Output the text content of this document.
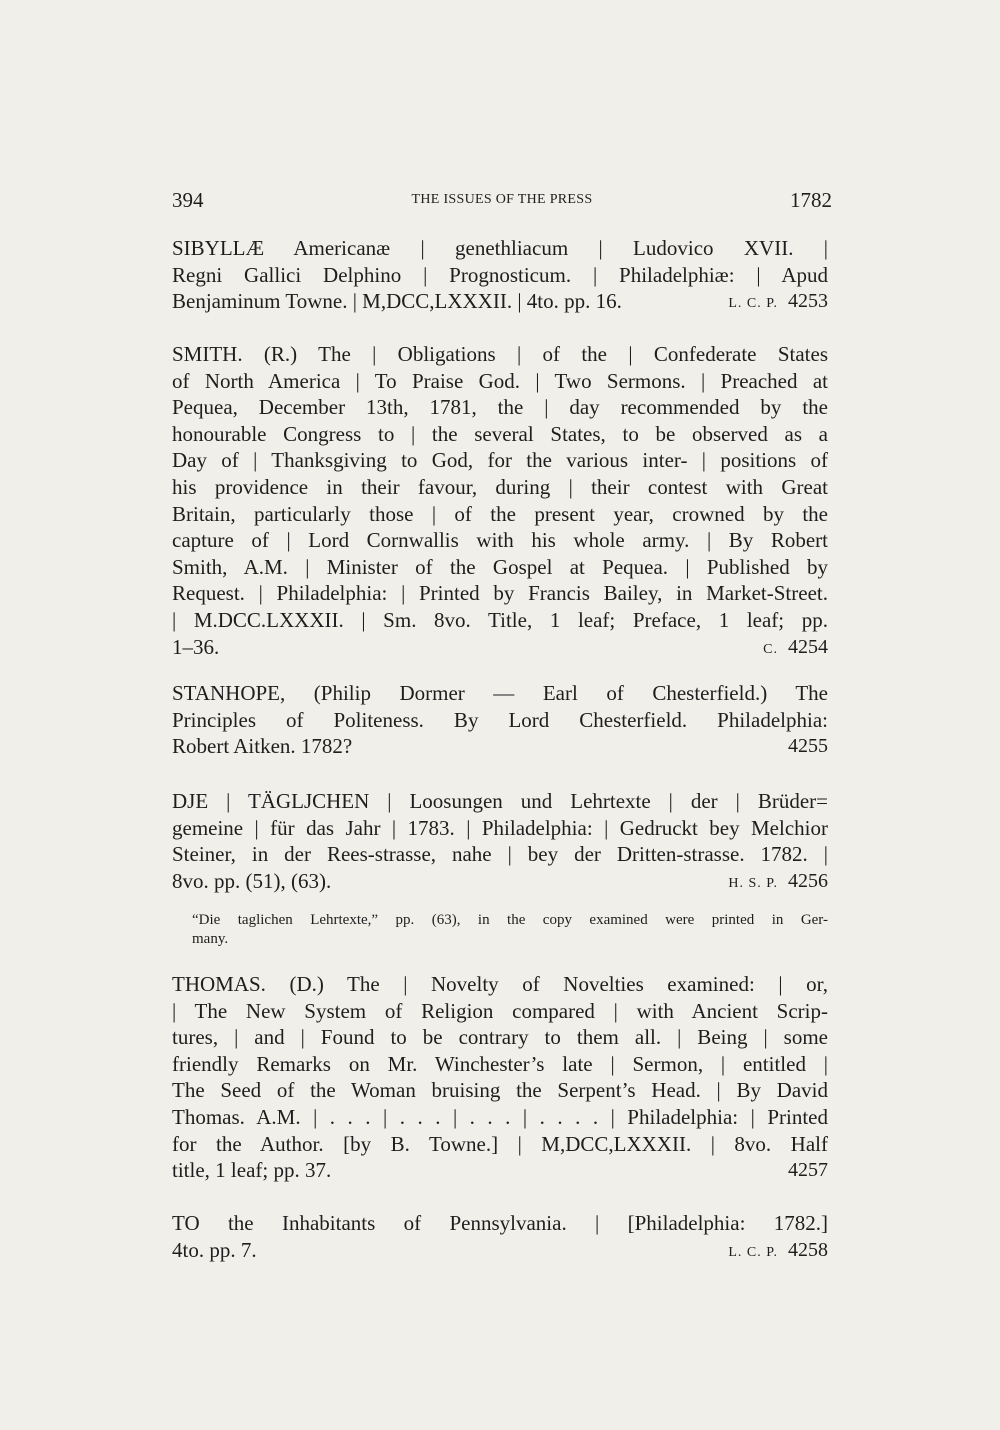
394	THE ISSUES OF THE PRESS	1782
SIBYLLÆ Americanæ | genethliacum | Ludovico XVII. |
Regni Gallici Delphino | Prognosticum. | Philadelphiæ: | Apud
Benjaminum Towne. | M,DCC,LXXXII. | 4to. pp. 16.	L. C. P. 4253
SMITH. (R.) The | Obligations | of the | Confederate States
of North America | To Praise God. | Two Sermons. | Preached at
Pequea, December 13th, 1781, the | day recommended by the
honourable Congress to | the several States, to be observed as a
Day of | Thanksgiving to God, for the various inter- | positions of
his providence in their favour, during | their contest with Great
Britain, particularly those | of the present year, crowned by the
capture of | Lord Cornwallis with his whole army. | By Robert
Smith, A.M. | Minister of the Gospel at Pequea. | Published by
Request. | Philadelphia: | Printed by Francis Bailey, in Market-Street.
| M.DCC.LXXXII. | Sm. 8vo. Title, 1 leaf; Preface, 1 leaf; pp.
1–36.	C. 4254
STANHOPE, (Philip Dormer — Earl of Chesterfield.) The
Principles of Politeness. By Lord Chesterfield. Philadelphia:
Robert Aitken. 1782?	4255
DJE | TÄGLJCHEN | Loosungen und Lehrtexte | der | Brüder=
gemeine | für das Jahr | 1783. | Philadelphia: | Gedruckt bey Melchior
Steiner, in der Rees-strasse, nahe | bey der Dritten-strasse. 1782. |
8vo. pp. (51), (63).	H. S. P. 4256
“Die taglichen Lehrtexte,” pp. (63), in the copy examined were printed in Ger-
many.
THOMAS. (D.) The | Novelty of Novelties examined: | or,
| The New System of Religion compared | with Ancient Scrip-
tures, | and | Found to be contrary to them all. | Being | some
friendly Remarks on Mr. Winchester’s late | Sermon, | entitled |
The Seed of the Woman bruising the Serpent’s Head. | By David
Thomas. A.M. | . . . | . . . | . . . | . . . . | Philadelphia: | Printed
for the Author. [by B. Towne.] | M,DCC,LXXXII. | 8vo. Half
title, 1 leaf; pp. 37.	4257
TO the Inhabitants of Pennsylvania. | [Philadelphia: 1782.]
4to. pp. 7.	L. C. P. 4258
